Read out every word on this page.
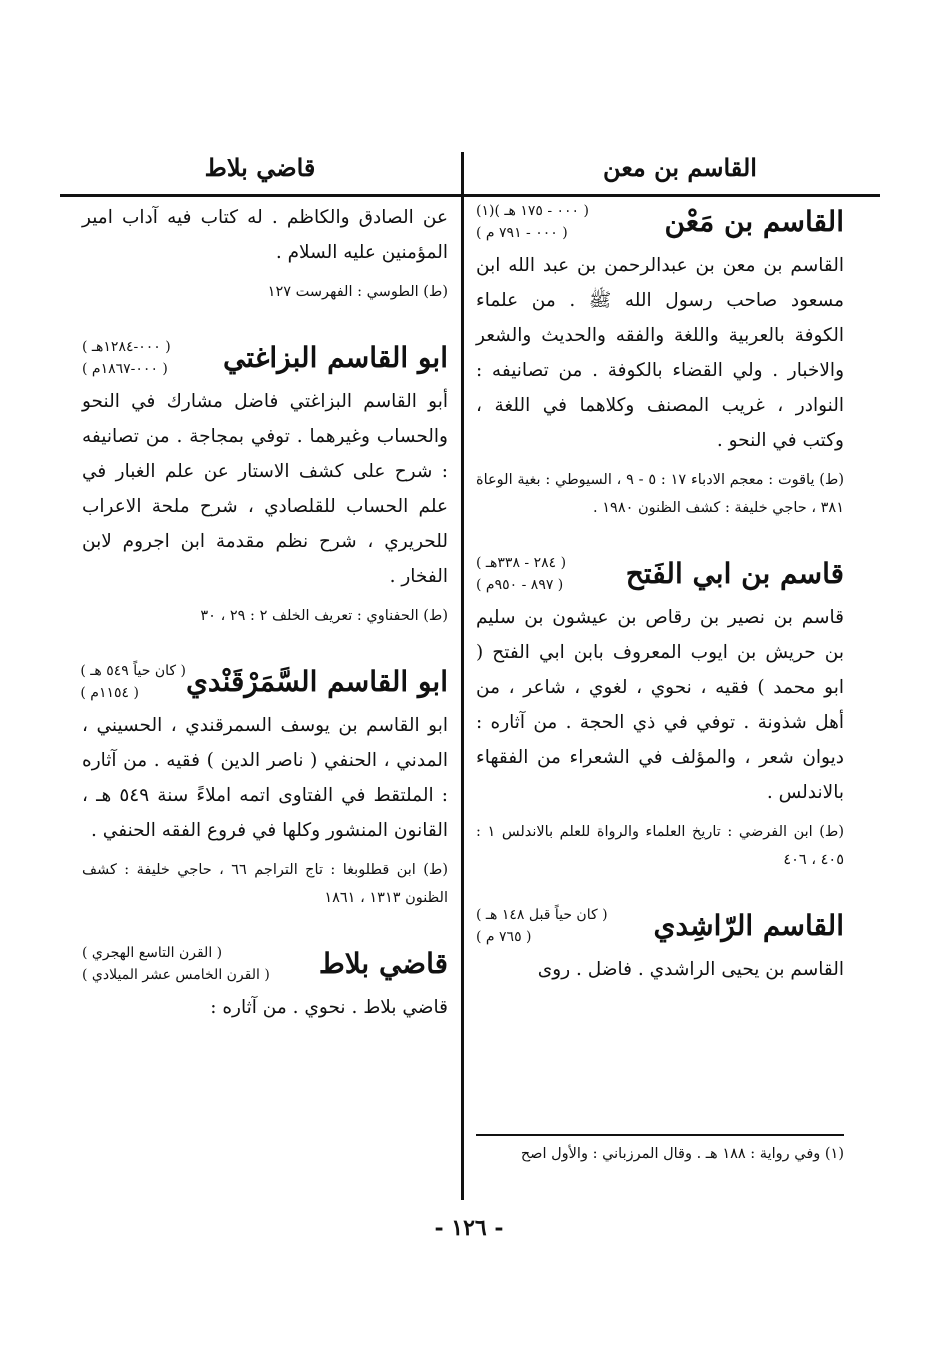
القاسم بن معن
قاضي بلاط
القاسم بن مَعْن
( ٠٠٠ - ١٧٥ هـ )(١)
( ٠٠٠ - ٧٩١ م )

القاسم بن معن بن عبدالرحمن بن عبد الله ابن مسعود صاحب رسول الله ﷺ . من علماء الكوفة بالعربية واللغة والفقه والحديث والشعر والاخبار . ولي القضاء بالكوفة . من تصانيفه : النوادر ، غريب المصنف وكلاهما في اللغة ، وكتب في النحو .

(ط) ياقوت : معجم الادباء ١٧ : ٥ - ٩ ، السيوطي : بغية الوعاة ٣٨١ ، حاجي خليفة : كشف الظنون ١٩٨٠ .

قاسم بن ابي الفَتح
( ٢٨٤ - ٣٣٨هـ )
( ٨٩٧ - ٩٥٠م )

قاسم بن نصير بن رقاص بن عيشون بن سليم بن حريش بن ايوب المعروف بابن ابي الفتح ( ابو محمد ) فقيه ، نحوي ، لغوي ، شاعر ، من أهل شذونة . توفي في ذي الحجة . من آثاره : ديوان شعر ، والمؤلف في الشعراء من الفقهاء بالاندلس .

(ط) ابن الفرضي : تاريخ العلماء والرواة للعلم بالاندلس ١ : ٤٠٥ ، ٤٠٦

القاسم الرّاشِدي
( كان حياً قبل ١٤٨ هـ )
( ٧٦٥ م )

القاسم بن يحيى الراشدي . فاضل . روى

(١) وفي رواية : ١٨٨ هـ . وقال المرزباني : والأول اصح

عن الصادق والكاظم . له كتاب فيه آداب امير المؤمنين عليه السلام .

(ط) الطوسي : الفهرست ١٢٧

ابو القاسم البزاغتي
( ٠٠٠-١٢٨٤هـ )
( ٠٠٠-١٨٦٧م )

أبو القاسم البزاغتي فاضل مشارك في النحو والحساب وغيرهما . توفي بمجاجة . من تصانيفه : شرح على كشف الاستار عن علم الغبار في علم الحساب للقلصادي ، شرح ملحة الاعراب للحريري ، شرح نظم مقدمة ابن اجروم لابن الفخار .

(ط) الحفناوي : تعريف الخلف ٢ : ٢٩ ، ٣٠

ابو القاسم السَّمَرْقَنْدي
( كان حياً ٥٤٩ هـ )
( ١١٥٤م )

ابو القاسم بن يوسف السمرقندي ، الحسيني ، المدني ، الحنفي ( ناصر الدين ) فقيه . من آثاره : الملتقط في الفتاوى اتمه املاءً سنة ٥٤٩ هـ ، القانون المنشور وكلها في فروع الفقه الحنفي .

(ط) ابن قطلوبغا : تاج التراجم ٦٦ ، حاجي خليفة : كشف الظنون ١٣١٣ ، ١٨٦١

قاضي بلاط
( القرن التاسع الهجري )
( القرن الخامس عشر الميلادي )

قاضي بلاط . نحوي . من آثاره :

- ١٢٦ -
